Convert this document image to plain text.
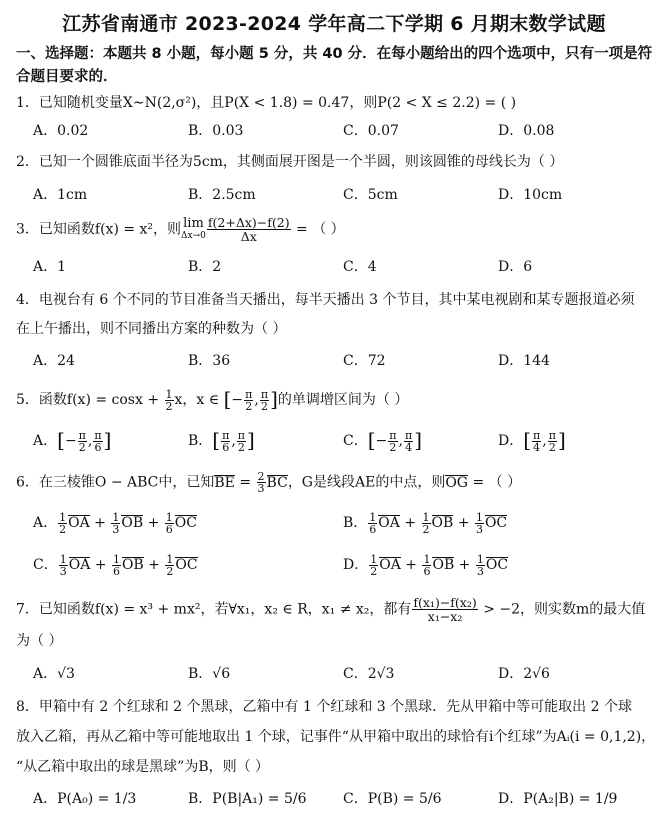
江苏省南通市 2023-2024 学年高二下学期 6 月期末数学试题
一、选择题：本题共 8 小题，每小题 5 分，共 40 分．在每小题给出的四个选项中，只有一项是符合题目要求的．
1．已知随机变量X∼N(2,σ²)，且P(X < 1.8) = 0.47，则P(2 < X ≤ 2.2) = ( )
A．0.02	B．0.03	C．0.07	D．0.08
2．已知一个圆锥底面半径为5cm，其侧面展开图是一个半圆，则该圆锥的母线长为（ ）
A．1cm	B．2.5cm	C．5cm	D．10cm
3．已知函数f(x) = x²，则 lim
$\Delta x\to 0 \frac{f(2+\Delta x)-f(2)}{\Delta x}$ = （ ）
A．1	B．2	C．4	D．6
4．电视台有 6 个不同的节目准备当天播出，每半天播出 3 个节目，其中某电视剧和某专题报道必须
在上午播出，则不同播出方案的种数为（ ）
A．24	B．36	C．72	D．144
5．函数$f(x) = \cos x + \frac{1}{2}$ x，x ∈ [− $\frac{\pi}{2}$ , $\frac{\pi}{2}$ ]的单调增区间为（ ）
A．[− $\frac{\pi}{2}$ , $\frac{\pi}{6}$ ]	B．[ $\frac{\pi}{6}$ , $\frac{\pi}{2}$ ]	C．[− $\frac{\pi}{2}$ , $\frac{\pi}{4}$ ]	D．[ $\frac{\pi}{4}$ , $\frac{\pi}{2}$ ]
6．在三棱锥O − ABC中，已知BE = $\frac{2}{3}$ BC，G是线段AE的中点，则OG = （ ）
A． $\frac{1}{2}$ OA + $\frac{1}{3}$ OB + $\frac{1}{6}$ OC	B． $\frac{1}{6}$ OA + $\frac{1}{2}$ OB + $\frac{1}{3}$ OC
C． $\frac{1}{3}$ OA + $\frac{1}{6}$ OB + $\frac{1}{2}$ OC	D． $\frac{1}{2}$ OA + $\frac{1}{6}$ OB + $\frac{1}{3}$ OC
7．已知函数f(x) = x³ + mx²，若∀x₁，x₂ ∈ R，x₁ ≠ x₂，都有 $\frac{\text{f(x₁)−f(x₂)}}{\text{x₁−x₂}} > -2$，则实数m的最大值
为（ ）
A．√3	B．√6	C．2√3	D．2√6
8．甲箱中有 2 个红球和 2 个黑球，乙箱中有 1 个红球和 3 个黑球．先从甲箱中等可能取出 2 个球
放入乙箱，再从乙箱中等可能地取出 1 个球，记事件“从甲箱中取出的球恰有i个红球”为Aᵢ(i = 0,1,2)，
“从乙箱中取出的球是黑球”为B，则（ ）
A．P(A₀) = 1/3	B．P(B|A₁) = 5/6	C．P(B) = 5/6	D．P(A₂|B) = 1/9
